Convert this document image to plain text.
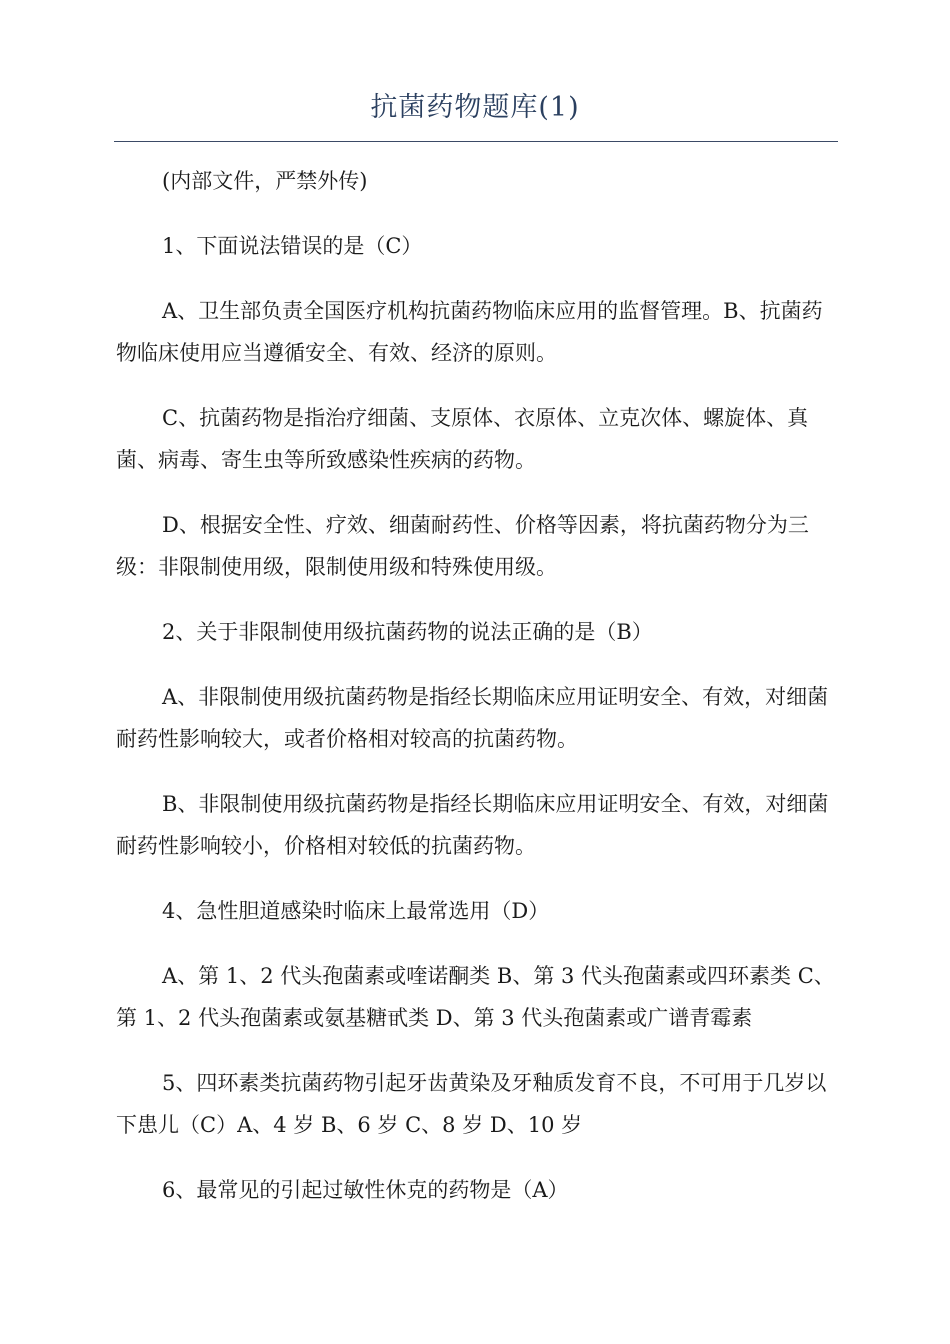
抗菌药物题库(1)

(内部文件，严禁外传)

1、下面说法错误的是（C）

A、卫生部负责全国医疗机构抗菌药物临床应用的监督管理。B、抗菌药物临床使用应当遵循安全、有效、经济的原则。

C、抗菌药物是指治疗细菌、支原体、衣原体、立克次体、螺旋体、真菌、病毒、寄生虫等所致感染性疾病的药物。

D、根据安全性、疗效、细菌耐药性、价格等因素，将抗菌药物分为三级：非限制使用级，限制使用级和特殊使用级。

2、关于非限制使用级抗菌药物的说法正确的是（B）

A、非限制使用级抗菌药物是指经长期临床应用证明安全、有效，对细菌耐药性影响较大，或者价格相对较高的抗菌药物。

B、非限制使用级抗菌药物是指经长期临床应用证明安全、有效，对细菌耐药性影响较小，价格相对较低的抗菌药物。

4、急性胆道感染时临床上最常选用（D）

A、第 1、2 代头孢菌素或喹诺酮类 B、第 3 代头孢菌素或四环素类 C、第 1、2 代头孢菌素或氨基糖甙类 D、第 3 代头孢菌素或广谱青霉素

5、四环素类抗菌药物引起牙齿黄染及牙釉质发育不良，不可用于几岁以下患儿（C）A、4 岁 B、6 岁 C、8 岁 D、10 岁

6、最常见的引起过敏性休克的药物是（A）
